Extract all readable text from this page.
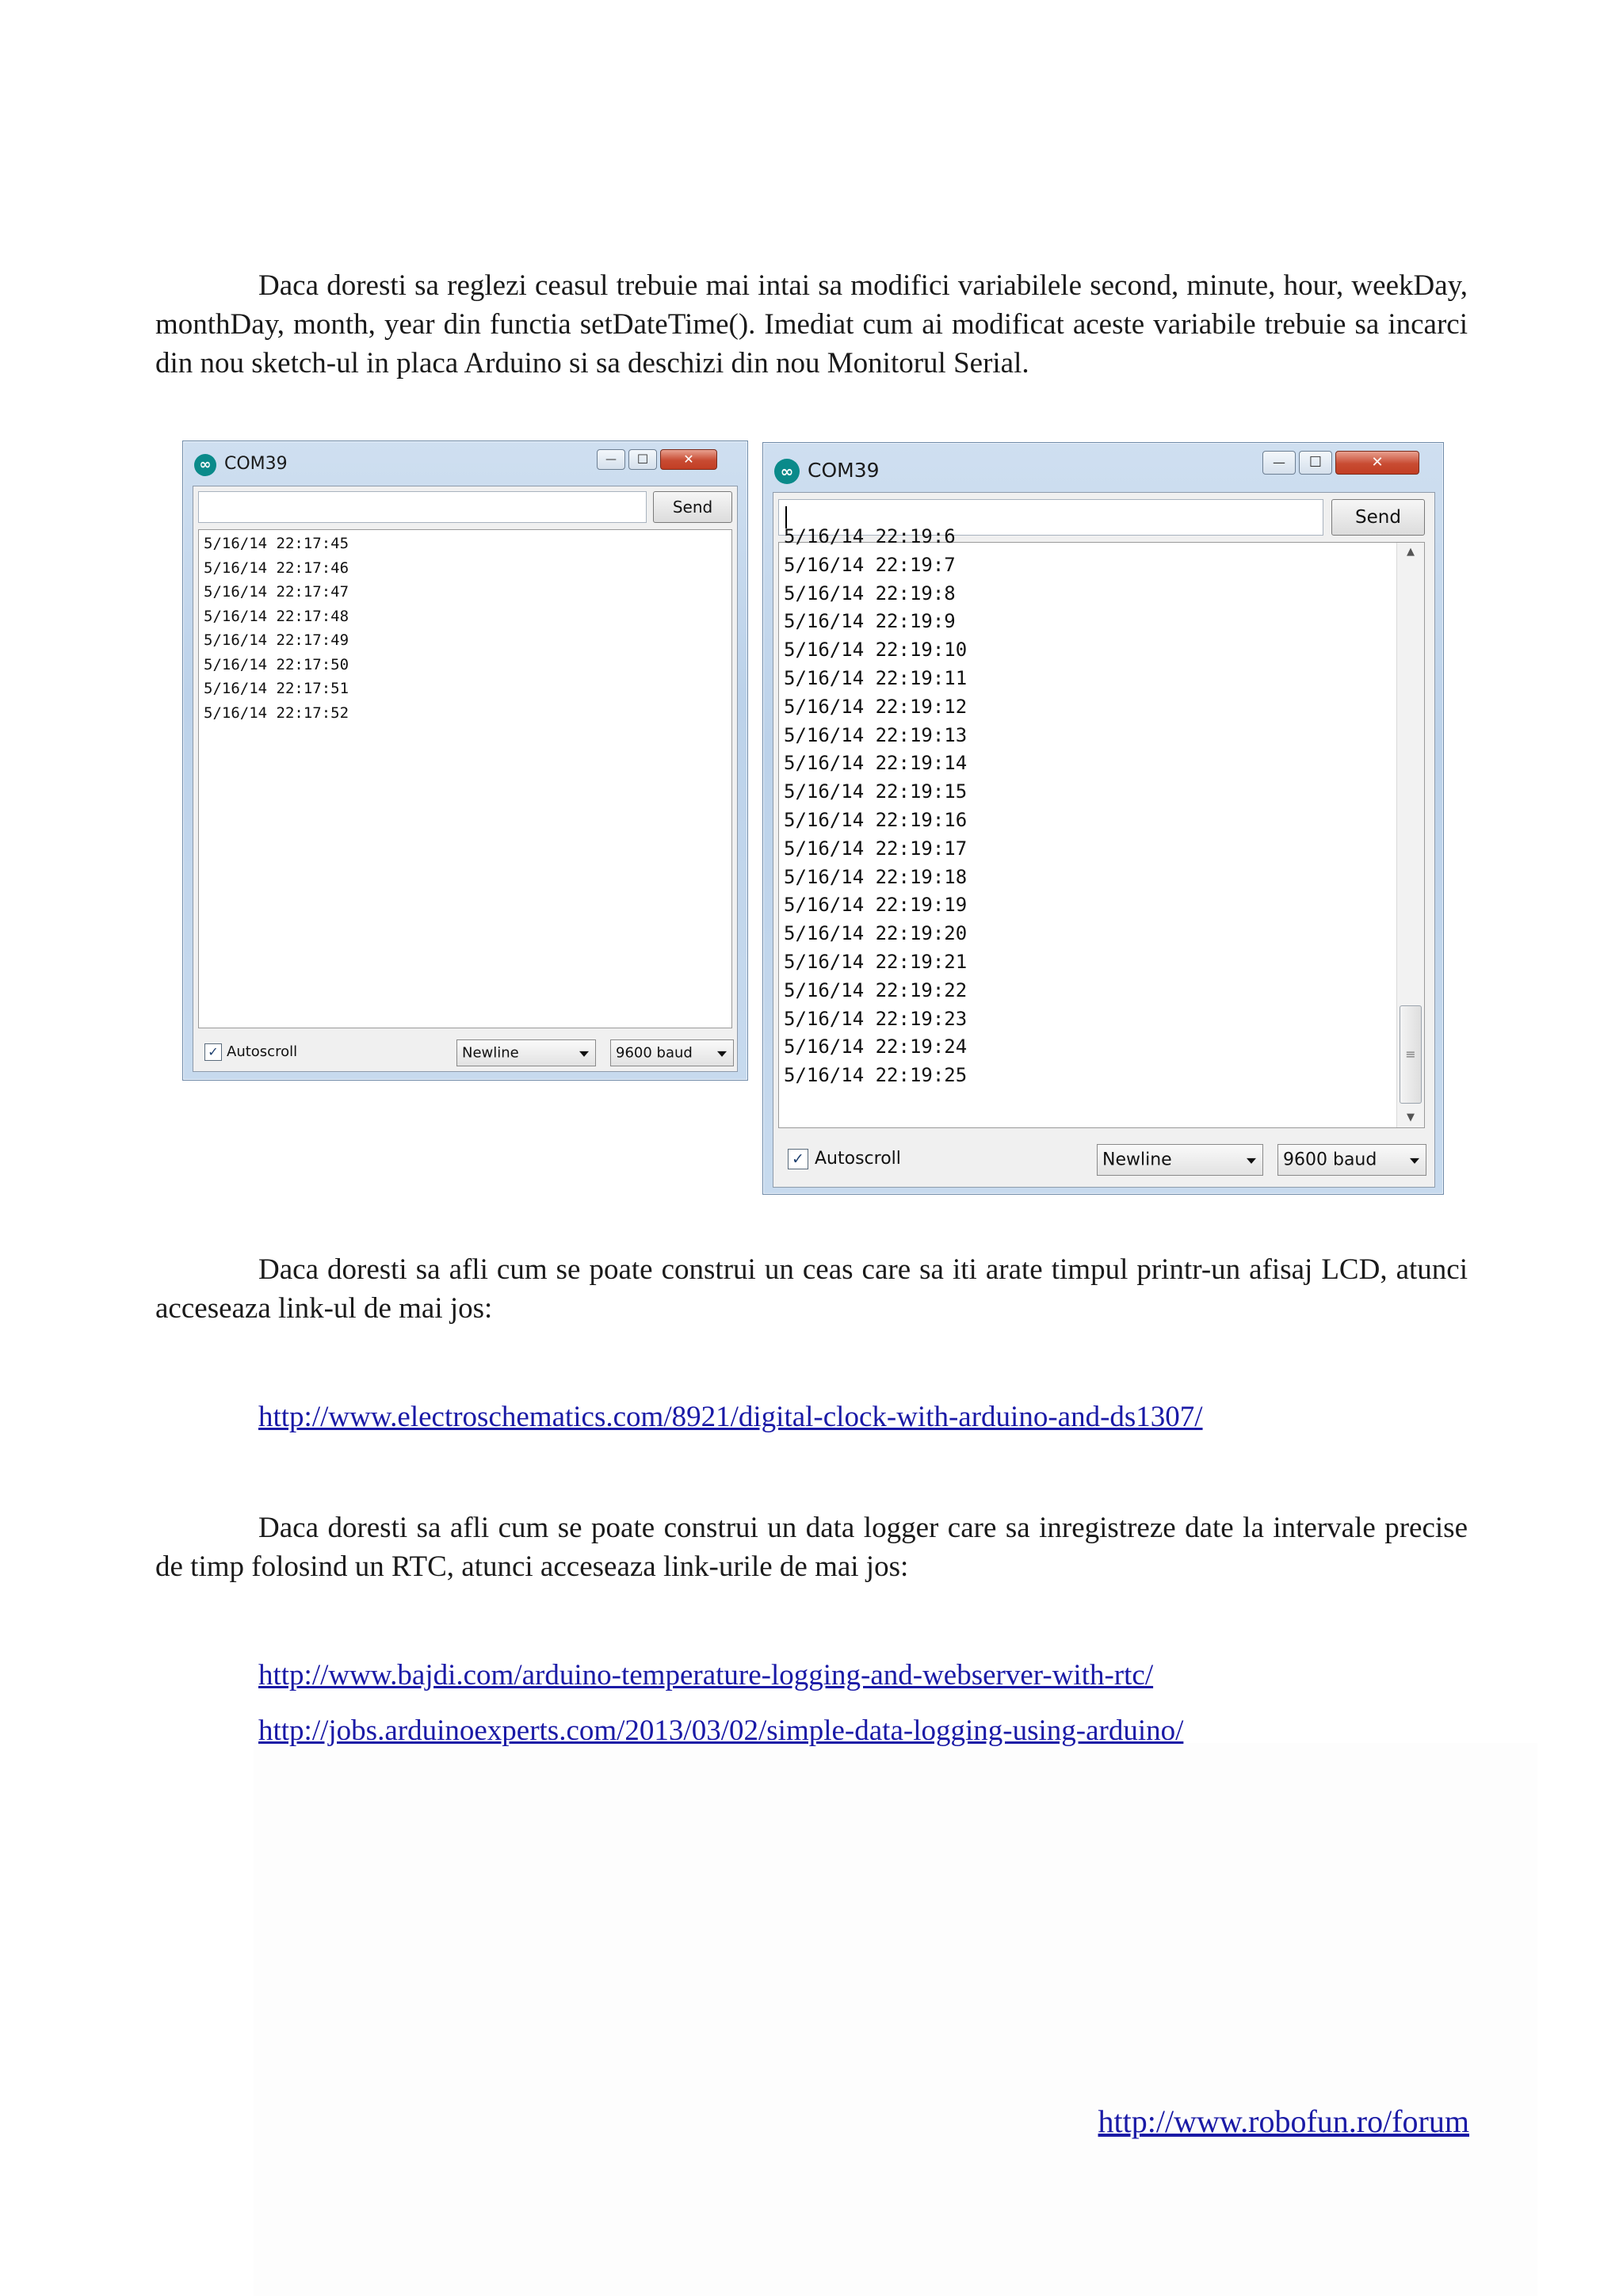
Daca doresti sa reglezi ceasul trebuie mai intai sa modifici variabilele second, minute, hour, weekDay, monthDay, month, year din functia setDateTime(). Imediat cum ai modificat aceste variabile trebuie sa incarci din nou sketch-ul in placa Arduino si sa deschizi din nou Monitorul Serial.

∞ COM39	—	☐	✕
Send
5/16/14 22:17:52
5/16/14 22:17:51
5/16/14 22:17:50
5/16/14 22:17:49
5/16/14 22:17:48
5/16/14 22:17:47
5/16/14 22:17:46
5/16/14 22:17:45
✓ Autoscroll	Newline	9600 baud
∞ COM39	—	☐	✕
Send
5/16/14 22:19:25
5/16/14 22:19:24
5/16/14 22:19:23
5/16/14 22:19:22
5/16/14 22:19:21
5/16/14 22:19:20
5/16/14 22:19:19
5/16/14 22:19:18
5/16/14 22:19:17
5/16/14 22:19:16
5/16/14 22:19:15
5/16/14 22:19:14
5/16/14 22:19:13
5/16/14 22:19:12
5/16/14 22:19:11
5/16/14 22:19:10
5/16/14 22:19:9
5/16/14 22:19:8
5/16/14 22:19:7
5/16/14 22:19:6
▲
≡
▼
✓ Autoscroll	Newline	9600 baud

Daca doresti sa afli cum se poate construi un ceas care sa iti arate timpul printr-un afisaj LCD, atunci acceseaza link-ul de mai jos:

http://www.electroschematics.com/8921/digital-clock-with-arduino-and-ds1307/

Daca doresti sa afli cum se poate construi un data logger care sa inregistreze date la intervale precise de timp folosind un RTC, atunci acceseaza link-urile de mai jos:

http://www.bajdi.com/arduino-temperature-logging-and-webserver-with-rtc/
http://jobs.arduinoexperts.com/2013/03/02/simple-data-logging-using-arduino/
http://www.robofun.ro/forum
